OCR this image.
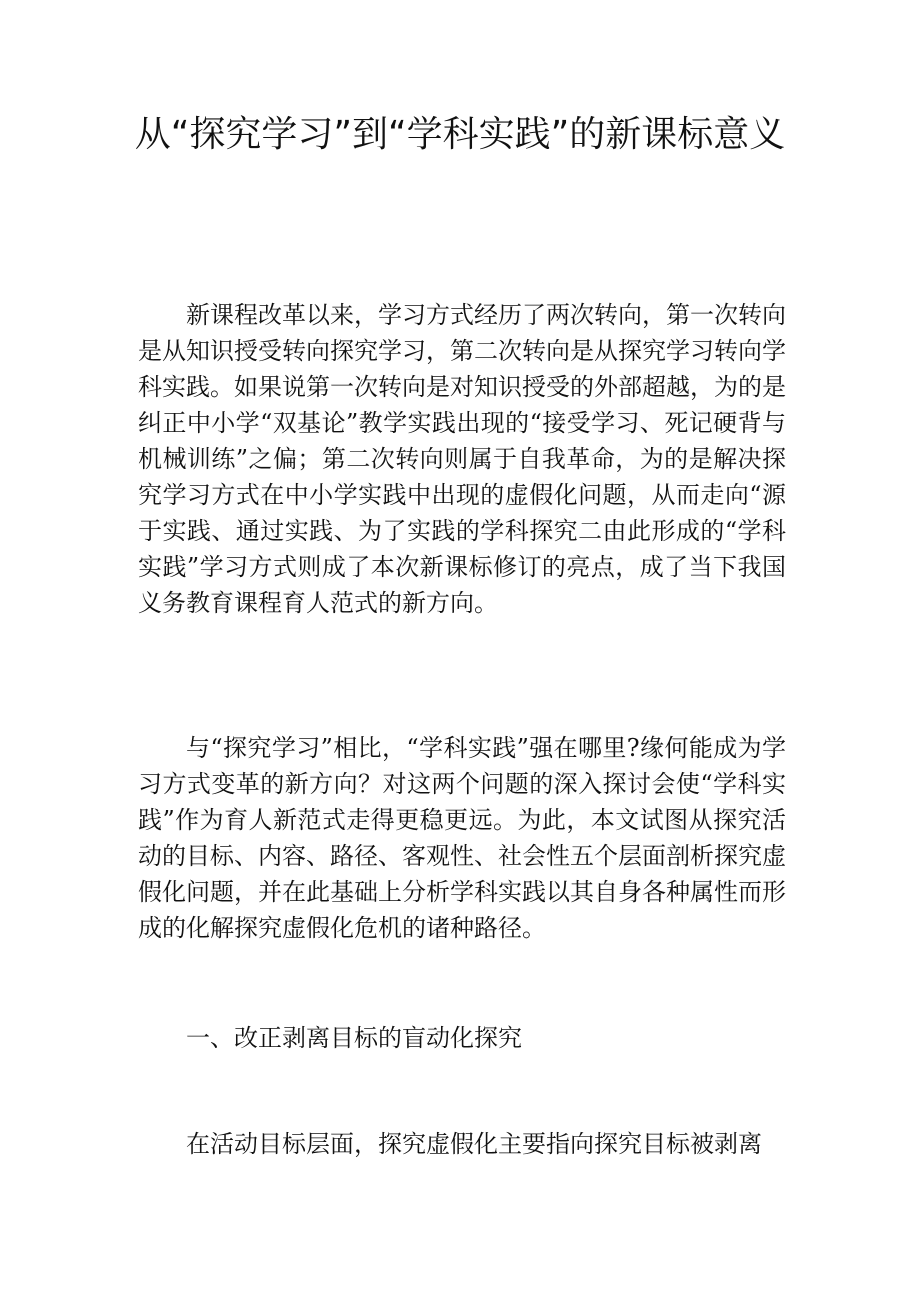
从“探究学习”到“学科实践”的新课标意义

新课程改革以来，学习方式经历了两次转向，第一次转向是从知识授受转向探究学习，第二次转向是从探究学习转向学科实践。如果说第一次转向是对知识授受的外部超越，为的是纠正中小学“双基论”教学实践出现的“接受学习、死记硬背与机械训练”之偏；第二次转向则属于自我革命，为的是解决探究学习方式在中小学实践中出现的虚假化问题，从而走向“源于实践、通过实践、为了实践的学科探究二由此形成的“学科实践”学习方式则成了本次新课标修订的亮点，成了当下我国义务教育课程育人范式的新方向。

与“探究学习”相比，“学科实践”强在哪里?缘何能成为学习方式变革的新方向？对这两个问题的深入探讨会使“学科实践”作为育人新范式走得更稳更远。为此，本文试图从探究活动的目标、内容、路径、客观性、社会性五个层面剖析探究虚假化问题，并在此基础上分析学科实践以其自身各种属性而形成的化解探究虚假化危机的诸种路径。

一、改正剥离目标的盲动化探究

在活动目标层面，探究虚假化主要指向探究目标被剥离
